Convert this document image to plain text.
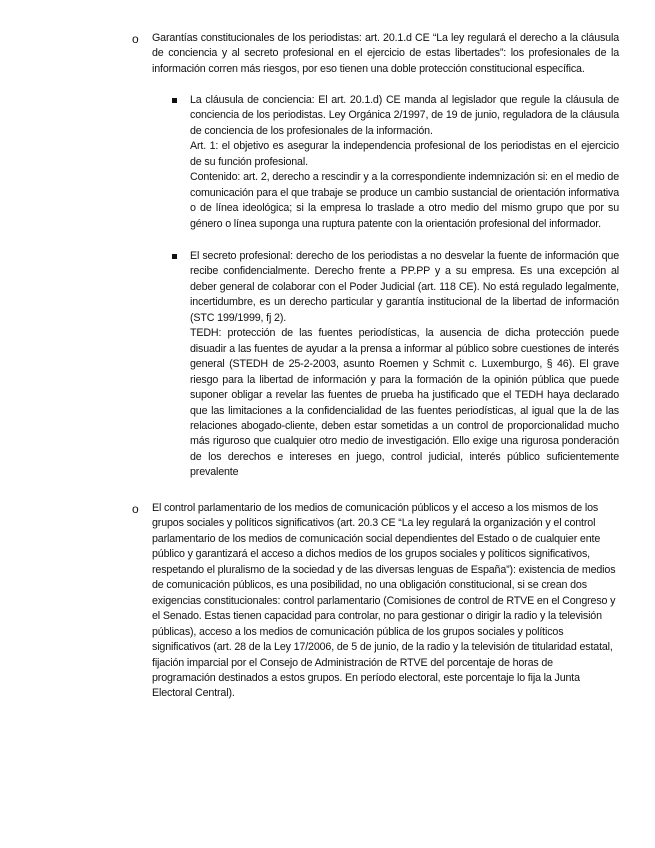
o	Garantías constitucionales de los periodistas: art. 20.1.d CE “La ley regulará el derecho a la cláusula de conciencia y al secreto profesional en el ejercicio de estas libertades”: los profesionales de la información corren más riesgos, por eso tienen una doble protección constitucional específica.

La cláusula de conciencia: El art. 20.1.d) CE manda al legislador que regule la cláusula de conciencia de los periodistas. Ley Orgánica 2/1997, de 19 de junio, reguladora de la cláusula de conciencia de los profesionales de la información.

Art. 1: el objetivo es asegurar la independencia profesional de los periodistas en el ejercicio de su función profesional.

Contenido: art. 2, derecho a rescindir y a la correspondiente indemnización si: en el medio de comunicación para el que trabaje se produce un cambio sustancial de orientación informativa o de línea ideológica; si la empresa lo traslade a otro medio del mismo grupo que por su género o línea suponga una ruptura patente con la orientación profesional del informador.

El secreto profesional: derecho de los periodistas a no desvelar la fuente de información que recibe confidencialmente. Derecho frente a PP.PP y a su empresa. Es una excepción al deber general de colaborar con el Poder Judicial (art. 118 CE). No está regulado legalmente, incertidumbre, es un derecho particular y garantía institucional de la libertad de información (STC 199/1999, fj 2).

TEDH: protección de las fuentes periodísticas, la ausencia de dicha protección puede disuadir a las fuentes de ayudar a la prensa a informar al público sobre cuestiones de interés general (STEDH de 25-2-2003, asunto Roemen y Schmit c. Luxemburgo, § 46). El grave riesgo para la libertad de información y para la formación de la opinión pública que puede suponer obligar a revelar las fuentes de prueba ha justificado que el TEDH haya declarado que las limitaciones a la confidencialidad de las fuentes periodísticas, al igual que la de las relaciones abogado-cliente, deben estar sometidas a un control de proporcionalidad mucho más riguroso que cualquier otro medio de investigación. Ello exige una rigurosa ponderación de los derechos e intereses en juego, control judicial, interés público suficientemente prevalente

o	El control parlamentario de los medios de comunicación públicos y el acceso a los mismos de los grupos sociales y políticos significativos (art. 20.3 CE “La ley regulará la organización y el control parlamentario de los medios de comunicación social dependientes del Estado o de cualquier ente público y garantizará el acceso a dichos medios de los grupos sociales y políticos significativos, respetando el pluralismo de la sociedad y de las diversas lenguas de España”): existencia de medios de comunicación públicos, es una posibilidad, no una obligación constitucional, si se crean dos exigencias constitucionales: control parlamentario (Comisiones de control de RTVE en el Congreso y el Senado. Estas tienen capacidad para controlar, no para gestionar o dirigir la radio y la televisión públicas), acceso a los medios de comunicación pública de los grupos sociales y políticos significativos (art. 28 de la Ley 17/2006, de 5 de junio, de la radio y la televisión de titularidad estatal, fijación imparcial por el Consejo de Administración de RTVE del porcentaje de horas de programación destinados a estos grupos. En período electoral, este porcentaje lo fija la Junta Electoral Central).
